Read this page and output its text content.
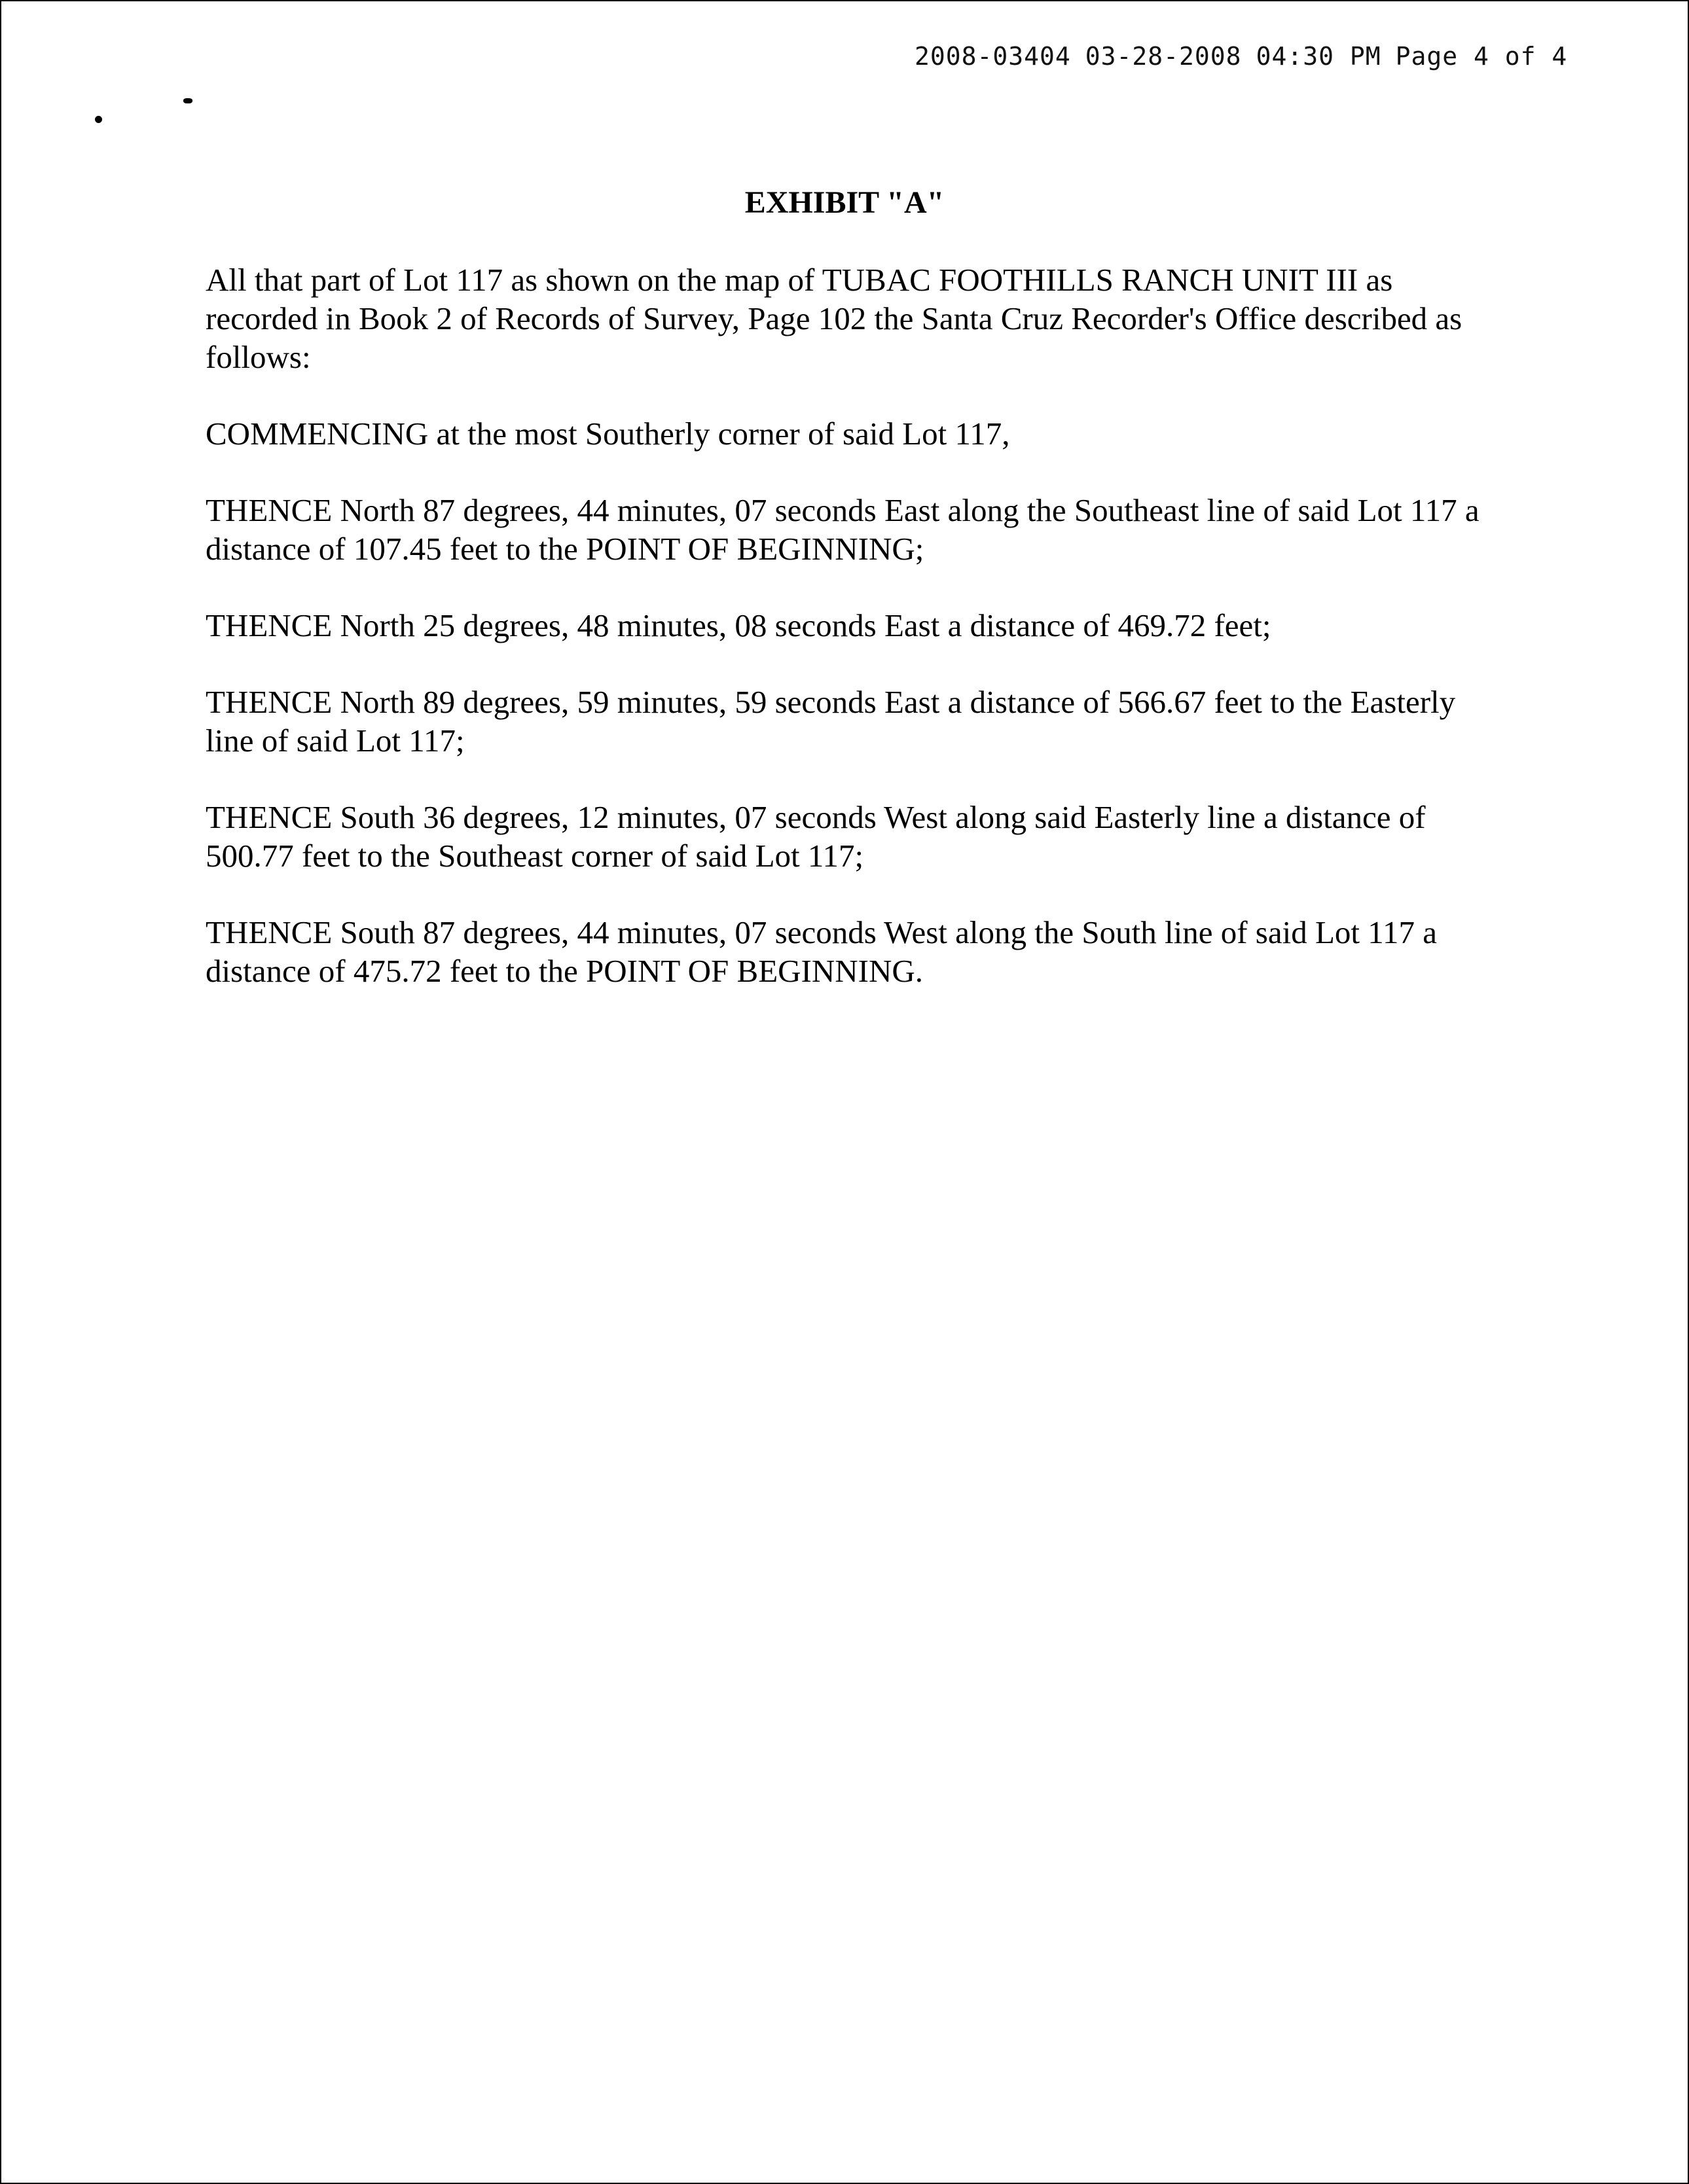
2008-03404 03-28-2008 04:30 PM Page 4 of 4
EXHIBIT "A"

All that part of Lot 117 as shown on the map of TUBAC FOOTHILLS RANCH UNIT III as recorded in Book 2 of Records of Survey, Page 102 the Santa Cruz Recorder's Office described as follows:

COMMENCING at the most Southerly corner of said Lot 117,

THENCE North 87 degrees, 44 minutes, 07 seconds East along the Southeast line of said Lot 117 a distance of 107.45 feet to the POINT OF BEGINNING;

THENCE North 25 degrees, 48 minutes, 08 seconds East a distance of 469.72 feet;

THENCE North 89 degrees, 59 minutes, 59 seconds East a distance of 566.67 feet to the Easterly line of said Lot 117;

THENCE South 36 degrees, 12 minutes, 07 seconds West along said Easterly line a distance of 500.77 feet to the Southeast corner of said Lot 117;

THENCE South 87 degrees, 44 minutes, 07 seconds West along the South line of said Lot 117 a distance of 475.72 feet to the POINT OF BEGINNING.
